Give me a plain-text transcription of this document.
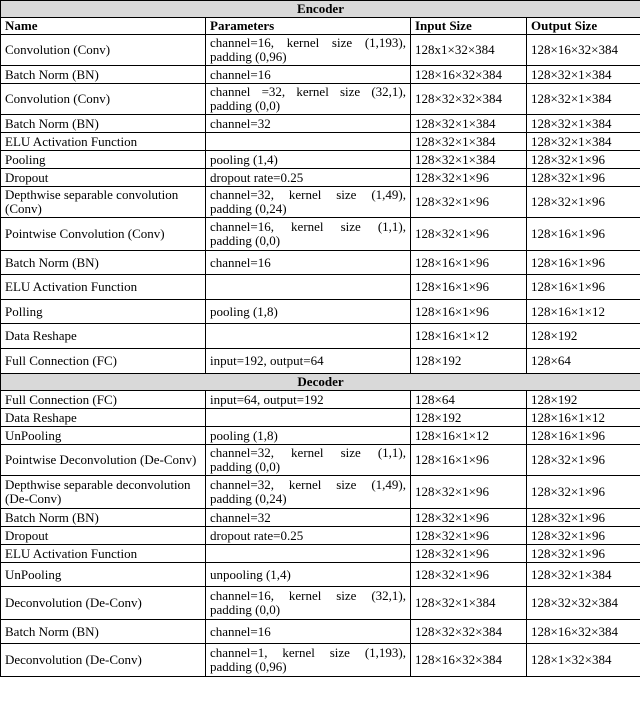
Encoder			
Name	Parameters	Input Size	Output Size
Convolution (Conv)	channel=16, kernel size (1,193), padding (0,96)	128x1×32×384	128×16×32×384
Batch Norm (BN)	channel=16	128×16×32×384	128×32×1×384
Convolution (Conv)	channel =32, kernel size (32,1), padding (0,0)	128×32×32×384	128×32×1×384
Batch Norm (BN)	channel=32	128×32×1×384	128×32×1×384
ELU Activation Function		128×32×1×384	128×32×1×384
Pooling	pooling (1,4)	128×32×1×384	128×32×1×96
Dropout	dropout rate=0.25	128×32×1×96	128×32×1×96
Depthwise separable convolution (Conv)	channel=32, kernel size (1,49), padding (0,24)	128×32×1×96	128×32×1×96
Pointwise Convolution (Conv)	channel=16, kernel size (1,1), padding (0,0)	128×32×1×96	128×16×1×96
Batch Norm (BN)	channel=16	128×16×1×96	128×16×1×96
ELU Activation Function		128×16×1×96	128×16×1×96
Polling	pooling (1,8)	128×16×1×96	128×16×1×12
Data Reshape		128×16×1×12	128×192
Full Connection (FC)	input=192, output=64	128×192	128×64
Decoder			
Full Connection (FC)	input=64, output=192	128×64	128×192
Data Reshape		128×192	128×16×1×12
UnPooling	pooling (1,8)	128×16×1×12	128×16×1×96
Pointwise Deconvolution (De-Conv)	channel=32, kernel size (1,1), padding (0,0)	128×16×1×96	128×32×1×96
Depthwise separable deconvolution (De-Conv)	channel=32, kernel size (1,49), padding (0,24)	128×32×1×96	128×32×1×96
Batch Norm (BN)	channel=32	128×32×1×96	128×32×1×96
Dropout	dropout rate=0.25	128×32×1×96	128×32×1×96
ELU Activation Function		128×32×1×96	128×32×1×96
UnPooling	unpooling (1,4)	128×32×1×96	128×32×1×384
Deconvolution (De-Conv)	channel=16, kernel size (32,1), padding (0,0)	128×32×1×384	128×32×32×384
Batch Norm (BN)	channel=16	128×32×32×384	128×16×32×384
Deconvolution (De-Conv)	channel=1, kernel size (1,193), padding (0,96)	128×16×32×384	128×1×32×384
